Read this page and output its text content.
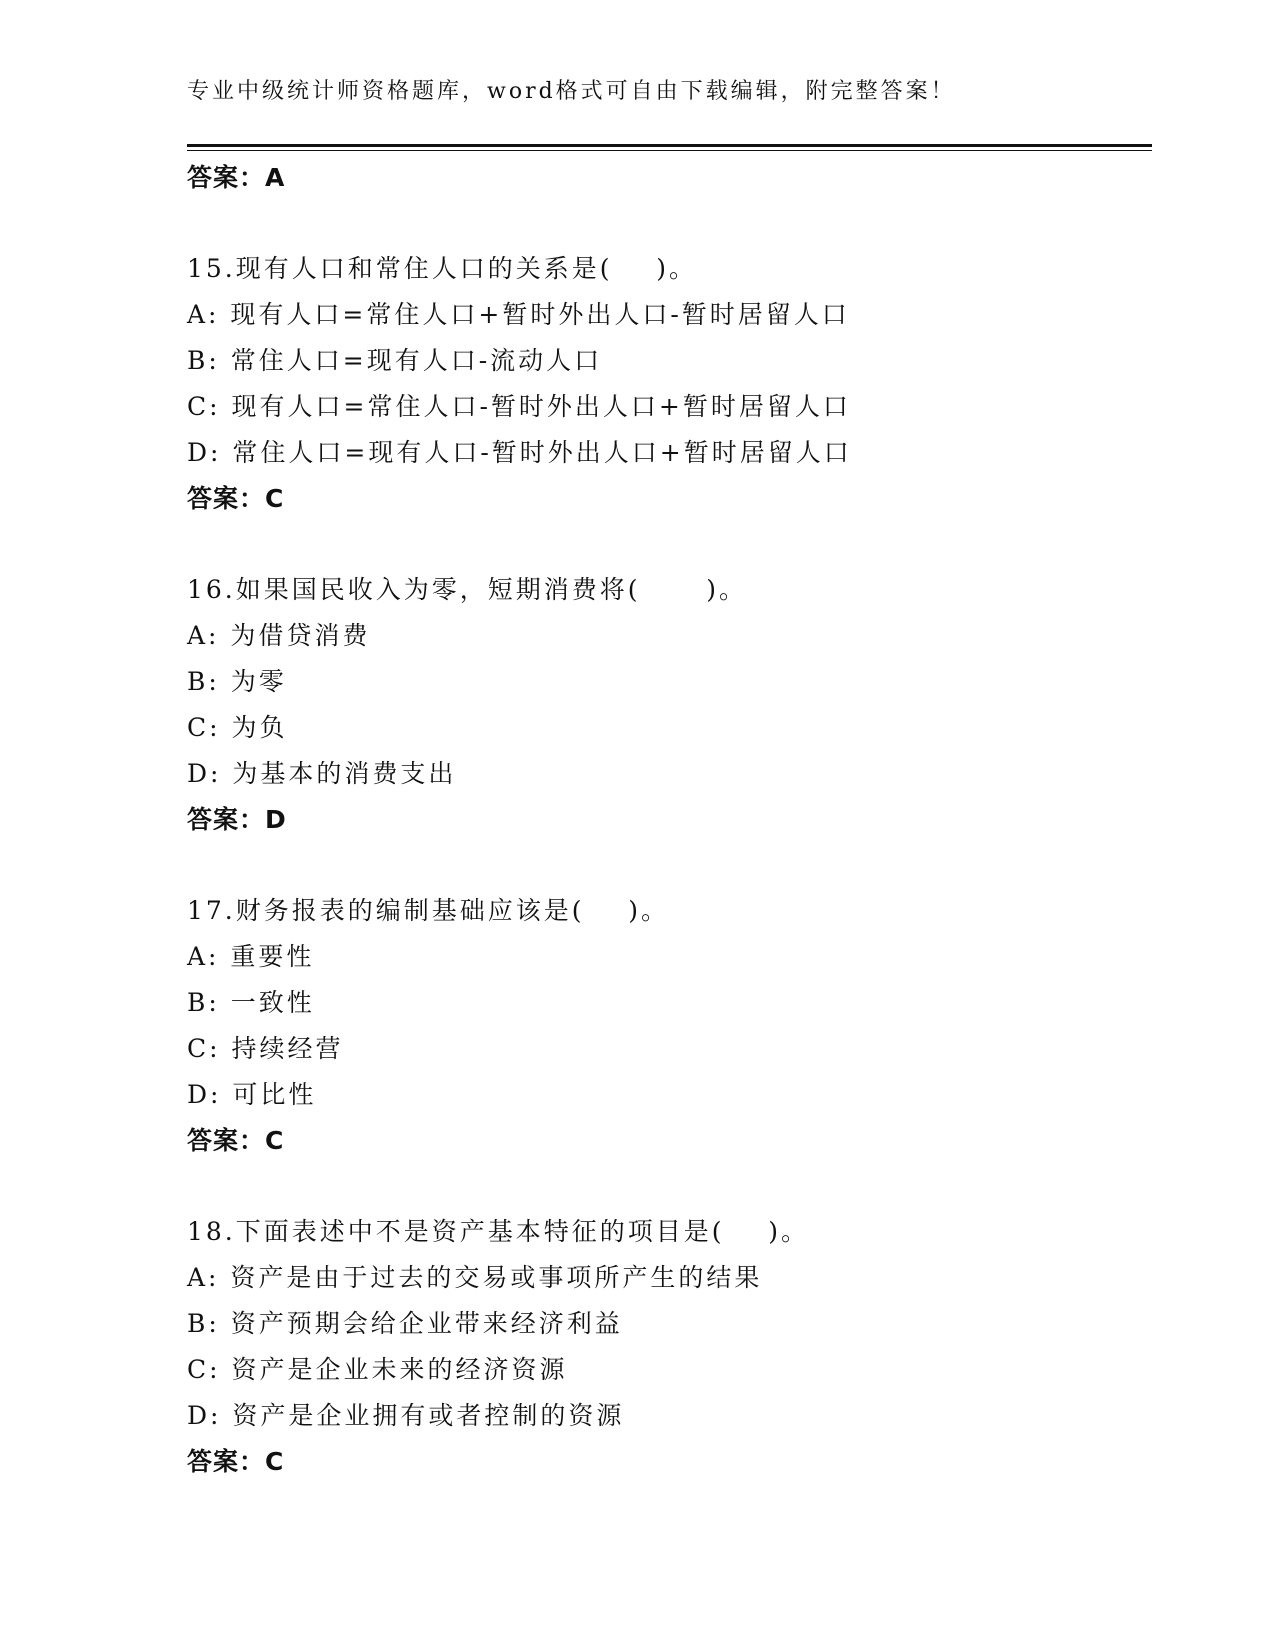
专业中级统计师资格题库，word格式可自由下载编辑，附完整答案！
答案：A
15.现有人口和常住人口的关系是(    )。
A: 现有人口=常住人口+暂时外出人口-暂时居留人口
B: 常住人口=现有人口-流动人口
C: 现有人口=常住人口-暂时外出人口+暂时居留人口
D: 常住人口=现有人口-暂时外出人口+暂时居留人口
答案：C
16.如果国民收入为零，短期消费将(      )。
A: 为借贷消费
B: 为零
C: 为负
D: 为基本的消费支出
答案：D
17.财务报表的编制基础应该是(    )。
A: 重要性
B: 一致性
C: 持续经营
D: 可比性
答案：C
18.下面表述中不是资产基本特征的项目是(    )。
A: 资产是由于过去的交易或事项所产生的结果
B: 资产预期会给企业带来经济利益
C: 资产是企业未来的经济资源
D: 资产是企业拥有或者控制的资源
答案：C
